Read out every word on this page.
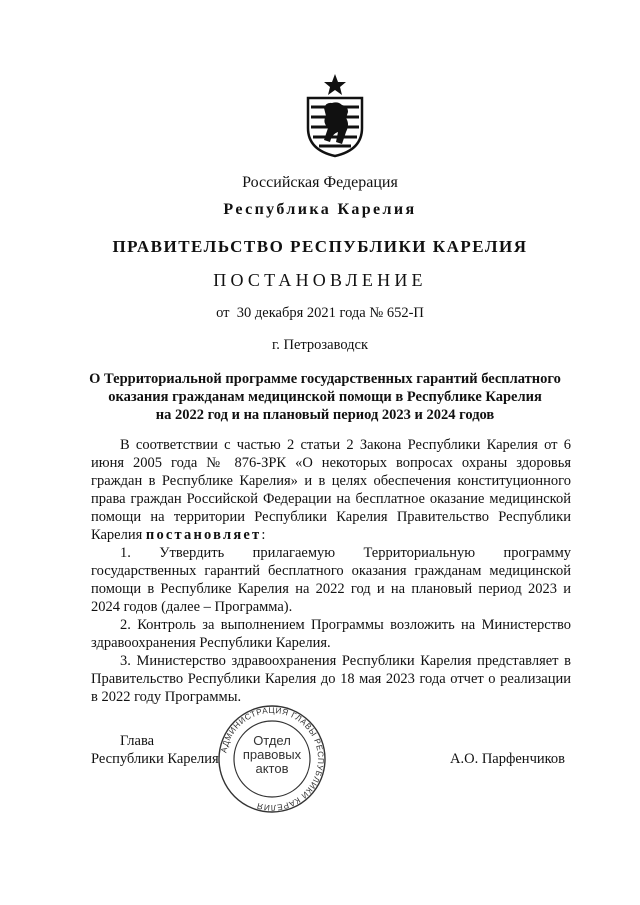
Российская Федерация
Республика Карелия
ПРАВИТЕЛЬСТВО РЕСПУБЛИКИ КАРЕЛИЯ
ПОСТАНОВЛЕНИЕ
от  30 декабря 2021 года № 652-П
г. Петрозаводск
О Территориальной программе государственных гарантий бесплатного
оказания гражданам медицинской помощи в Республике Карелия
на 2022 год и на плановый период 2023 и 2024 годов

В соответствии с частью 2 статьи 2 Закона Республики Карелия от 6 июня 2005 года № 876-ЗРК «О некоторых вопросах охраны здоровья граждан в Республике Карелия» и в целях обеспечения конституционного права граждан Российской Федерации на бесплатное оказание медицинской помощи на территории Республики Карелия Правительство Республики Карелия постановляет:

1. Утвердить прилагаемую Территориальную программу государственных гарантий бесплатного оказания гражданам медицинской помощи в Республике Карелия на 2022 год и на плановый период 2023 и 2024 годов (далее – Программа).

2. Контроль за выполнением Программы возложить на Министерство здравоохранения Республики Карелия.

3. Министерство здравоохранения Республики Карелия представляет в Правительство Республики Карелия до 18 мая 2023 года отчет о реализации в 2022 году Программы.

Глава
Республики Карелия
АДМИНИСТРАЦИЯ ГЛАВЫ РЕСПУБЛИКИ КАРЕЛИЯ
Отдел
правовых
актов
А.О. Парфенчиков
